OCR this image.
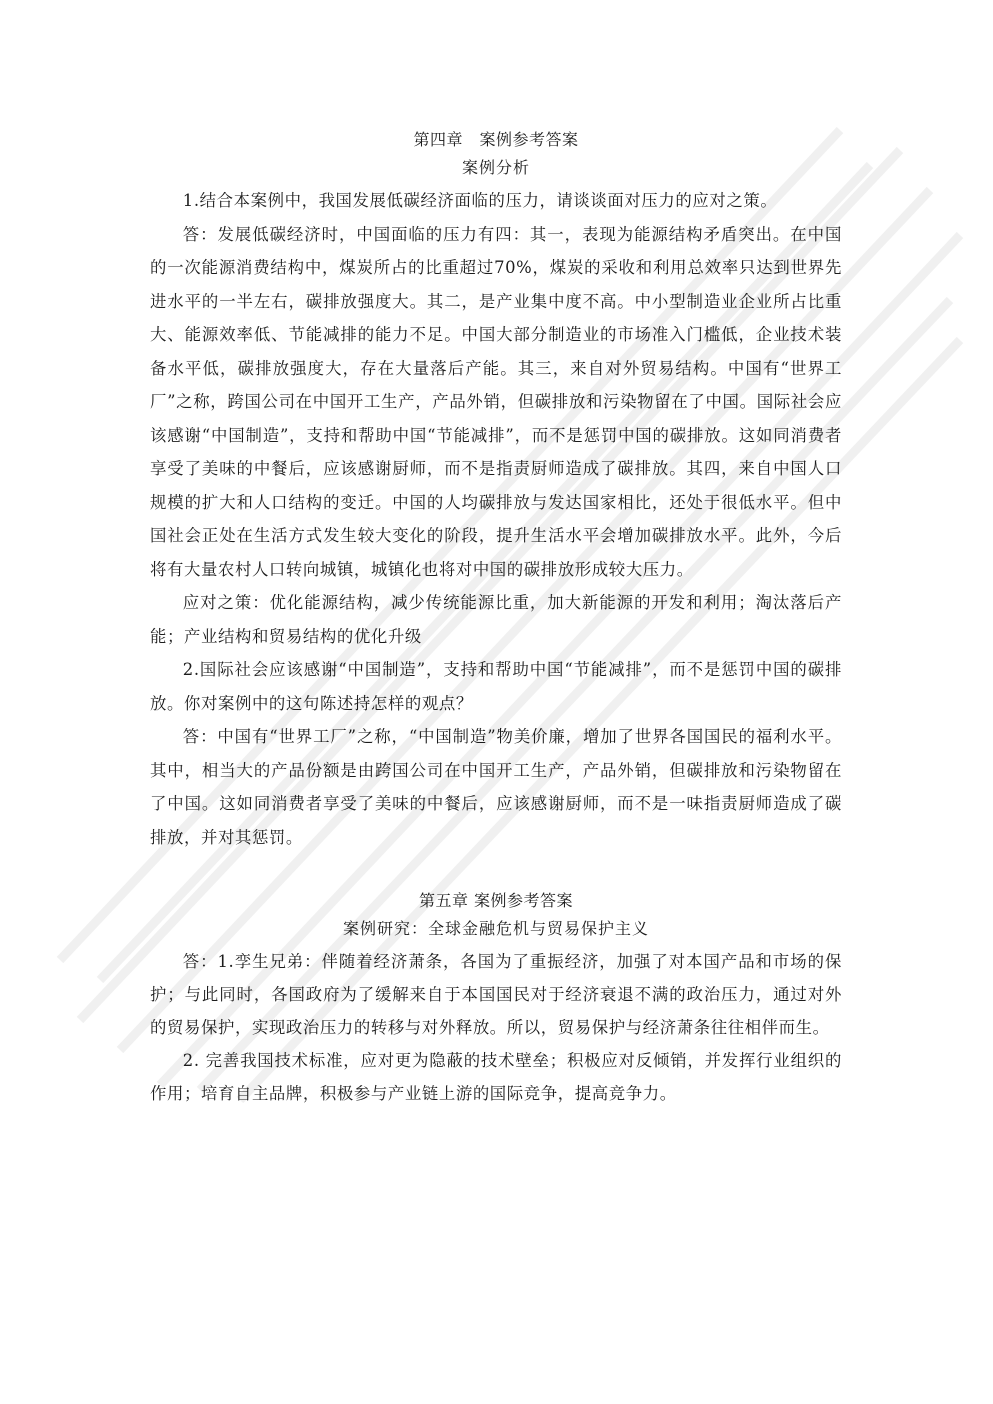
第四章　案例参考答案
案例分析

1.结合本案例中，我国发展低碳经济面临的压力，请谈谈面对压力的应对之策。

答：发展低碳经济时，中国面临的压力有四：其一，表现为能源结构矛盾突出。在中国的一次能源消费结构中，煤炭所占的比重超过70%，煤炭的采收和利用总效率只达到世界先进水平的一半左右，碳排放强度大。其二，是产业集中度不高。中小型制造业企业所占比重大、能源效率低、节能减排的能力不足。中国大部分制造业的市场准入门槛低，企业技术装备水平低，碳排放强度大，存在大量落后产能。其三，来自对外贸易结构。中国有“世界工厂”之称，跨国公司在中国开工生产，产品外销，但碳排放和污染物留在了中国。国际社会应该感谢“中国制造”，支持和帮助中国“节能减排”，而不是惩罚中国的碳排放。这如同消费者享受了美味的中餐后，应该感谢厨师，而不是指责厨师造成了碳排放。其四，来自中国人口规模的扩大和人口结构的变迁。中国的人均碳排放与发达国家相比，还处于很低水平。但中国社会正处在生活方式发生较大变化的阶段，提升生活水平会增加碳排放水平。此外，今后将有大量农村人口转向城镇，城镇化也将对中国的碳排放形成较大压力。

应对之策：优化能源结构，减少传统能源比重，加大新能源的开发和利用；淘汰落后产能；产业结构和贸易结构的优化升级

2.国际社会应该感谢“中国制造”，支持和帮助中国“节能减排”，而不是惩罚中国的碳排放。你对案例中的这句陈述持怎样的观点？

答：中国有“世界工厂”之称，“中国制造”物美价廉，增加了世界各国国民的福利水平。其中，相当大的产品份额是由跨国公司在中国开工生产，产品外销，但碳排放和污染物留在了中国。这如同消费者享受了美味的中餐后，应该感谢厨师，而不是一味指责厨师造成了碳排放，并对其惩罚。

第五章 案例参考答案
案例研究：全球金融危机与贸易保护主义

答：1.孪生兄弟：伴随着经济萧条，各国为了重振经济，加强了对本国产品和市场的保护；与此同时，各国政府为了缓解来自于本国国民对于经济衰退不满的政治压力，通过对外的贸易保护，实现政治压力的转移与对外释放。所以，贸易保护与经济萧条往往相伴而生。

2. 完善我国技术标准，应对更为隐蔽的技术壁垒；积极应对反倾销，并发挥行业组织的作用；培育自主品牌，积极参与产业链上游的国际竞争，提高竞争力。
